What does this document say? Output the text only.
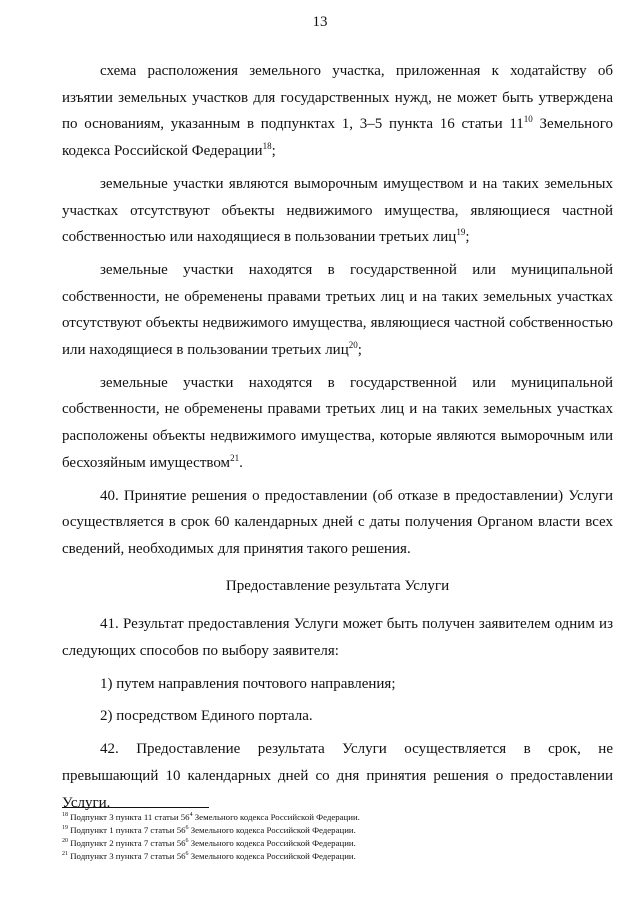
13

схема расположения земельного участка, приложенная к ходатайству об изъятии земельных участков для государственных нужд, не может быть утверждена по основаниям, указанным в подпунктах 1, 3–5 пункта 16 статьи $11^{10}$ Земельного кодекса Российской Федерации$^{18}$;

земельные участки являются выморочным имуществом и на таких земельных участках отсутствуют объекты недвижимого имущества, являющиеся частной собственностью или находящиеся в пользовании третьих лиц$^{19}$;

земельные участки находятся в государственной или муниципальной собственности, не обременены правами третьих лиц и на таких земельных участках отсутствуют объекты недвижимого имущества, являющиеся частной собственностью или находящиеся в пользовании третьих лиц$^{20}$;

земельные участки находятся в государственной или муниципальной собственности, не обременены правами третьих лиц и на таких земельных участках расположены объекты недвижимого имущества, которые являются выморочным или бесхозяйным имуществом$^{21}$.

40. Принятие решения о предоставлении (об отказе в предоставлении) Услуги осуществляется в срок 60 календарных дней с даты получения Органом власти всех сведений, необходимых для принятия такого решения.

Предоставление результата Услуги

41. Результат предоставления Услуги может быть получен заявителем одним из следующих способов по выбору заявителя:

1) путем направления почтового направления;

2) посредством Единого портала.

42. Предоставление результата Услуги осуществляется в срок, не превышающий 10 календарных дней со дня принятия решения о предоставлении Услуги.

$^{18}$ Подпункт 3 пункта 11 статьи $56^4$ Земельного кодекса Российской Федерации.
$^{19}$ Подпункт 1 пункта 7 статьи $56^6$ Земельного кодекса Российской Федерации.
$^{20}$ Подпункт 2 пункта 7 статьи $56^6$ Земельного кодекса Российской Федерации.
$^{21}$ Подпункт 3 пункта 7 статьи $56^6$ Земельного кодекса Российской Федерации.
